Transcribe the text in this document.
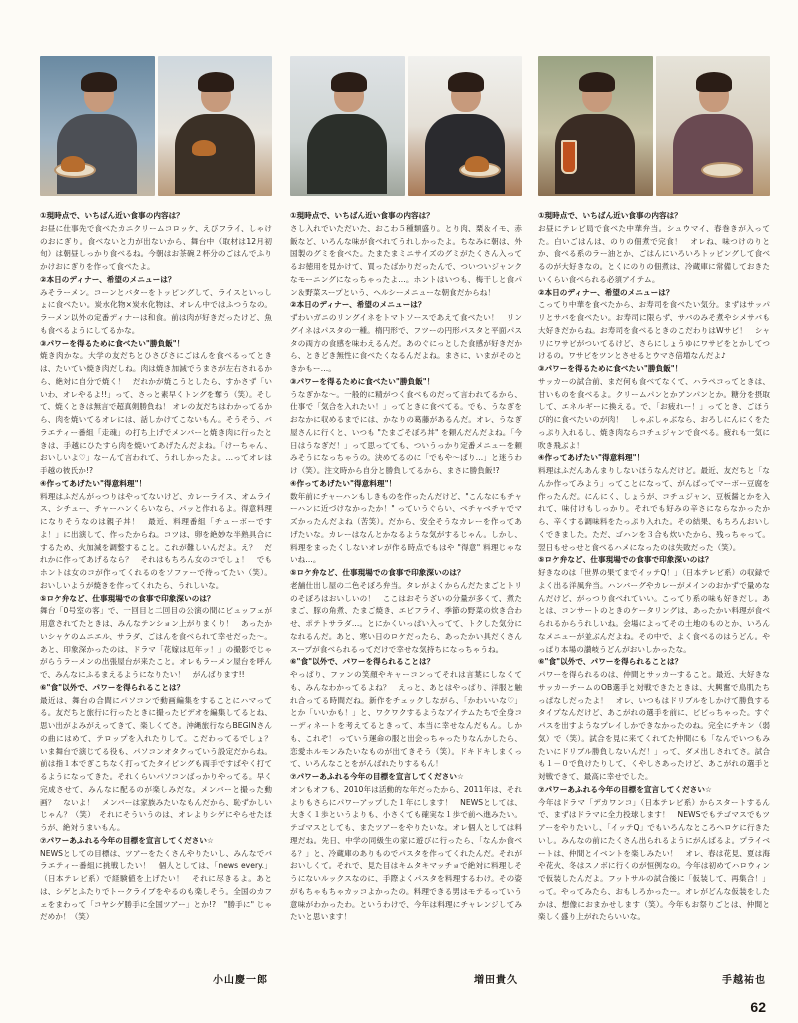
①現時点で、いちばん近い食事の内容は？
お昼に仕事先で食べたカニクリームコロッケ、えびフライ、しゃけのおにぎり。食べないと力が出ないから、舞台中（取材は12月初旬）は朝昼しっかり食べるね。今朝はお茶碗２杯分のごはんでふりかけおにぎりを作って食べたよ。
②本日のディナー、希望のメニューは？
みそラーメン。コーンとバターをトッピングして、ライスといっしょに食べたい。炭水化物×炭水化物は、オレん中ではふつうなの。ラーメン以外の定番ディナーは和食。前は肉が好きだったけど、魚も食べるようにしてるかな。
③パワーを得るために食べたい"勝負飯"！
焼き肉かな。大学の友だちとひさびさにごはんを食べるってときは、たいてい焼き肉だしね。肉は焼き加減でうまさが左右されるから、絶対に自分で焼く！　だれかが焼こうとしたら、すかさず「いいわ、オレやるよ!!」って、さっと素早くトングを奪う（笑）。そして、焼くときは無言で超真剣勝負ね！ オレの友だちはわかってるから、肉を焼いてるオレには、話しかけてこないもん。そうそう、バラエティー番組「走魂」の打ち上げでメンバーと焼き肉に行ったときは、手越にひたすら肉を焼いてあげたんだよね。「けーちゃん、おいしいよ♡」なーんて言われて、うれしかったよ。…ってオレは手越の彼氏か!?
④作ってあげたい"得意料理"！
料理はふだんがっつりはやってないけど、カレーライス、オムライス、シチュー、チャーハンくらいなら、パッと作れるよ。得意料理になりそうなのは親子丼！　最近、料理番組「チューボーですよ！」に出演して、作ったからね。コツは、卵を絶妙な半熟具合にするため、火加減を調整すること。これが難しいんだよ。え？　だれかに作ってあげるなら？　それはもちろん女のコでしょ！　でもホントは女のコが作ってくれるのをソファーで待ってたい（笑）。おいしいようが焼きを作ってくれたら、うれしいな。
⑤ロケ弁など、仕事現場での食事で印象深いのは？
舞台「0号室の客」で、一回目と二回目の公演の間にビュッフェが用意されてたときは、みんなテンション上がりまくり！　あったかいシャケのムニエル、サラダ、ごはんを食べられて幸せだった～。あと、印象深かったのは、ドラマ「花嫁は厄年ッ！」の撮影でじゃがらうラーメンの出張屋台が来たこと。オレもラーメン屋台を呼んで、みんなにふるまえるようになりたい！　がんばります!!
⑥"食"以外で、パワーを得られることは？
最近は、舞台の合間にパソコンで動画編集をすることにハマってる。友だちと旅行に行ったときに撮ったビデオを編集してるとね、思い出がよみがえってきて、楽しくてさ。沖縄旅行ならBEGINさんの曲にはめて、テロップを入れたりして。こだわってるでしょ？　いま舞台で演じてる役も、パソコンオタクっていう設定だからね。前は指１本でぎこちなく打ってたタイピングも両手ですばやく打てるようになってきた。それくらいパソコンばっかりやってる。早く完成させて、みんなに配るのが楽しみだな。メンバーと撮った動画？　ないよ！　メンバーは家族みたいなもんだから、恥ずかしいじゃん？（笑）　それにそういうのは、オレよりシゲにやらせたほうが、絶対うまいもん。
⑦パワーあふれる今年の目標を宣言してください☆
NEWSとしての目標は、ツアーをたくさんやりたいし、みんなでバラエティー番組に挑戦したい！　個人としては、「news every.」（日本テレビ系）で経験値を上げたい！　それに尽きるよ。あとは、シゲとふたりでトークライブをやるのも楽しそう。全国のカフェをまわって「コヤシゲ勝手に全国ツアー」とか!?　"勝手に" じゃだめか！（笑）
小山慶一郎
①現時点で、いちばん近い食事の内容は？
さし入れでいただいた、おこわ５種類盛り。とり肉、栗＆イモ、赤飯など、いろんな味が食べれてうれしかったよ。ちなみに朝は、外国製のグミを食べた。たまたまミニサイズのグミがたくさん入ってるお徳用を見かけて、買ったばかりだったんで、ついついジャンクなモーニングになっちゃったよ…。ホントはいつも、梅干しと食パン＆野菜スープという、ヘルシーメニューな朝食だからね！
②本日のディナー、希望のメニューは？
ずわいガニのリングイネをトマトソースであえて食べたい！　リングイネはパスタの一種。楕円形で、フツーの円形パスタと平面パスタの両方の食感を味わえるんだ。あのぐにっとした食感が好きだから、ときどき無性に食べたくなるんだよね。まさに、いまがそのときかもー…。
③パワーを得るために食べたい"勝負飯"！
うなぎかな～。一般的に精がつく食べものだって言われてるから、仕事で「気合を入れたい！」ってときに食べてる。でも、うなぎをおなかに収めるまでには、かなりの葛藤があるんだ。オレ、うなぎ屋さんに行くと、いつも "たまごそぼろ丼" を頼んだんだよね。「今日はうなぎだ！」って思ってても、ついうっかり定番メニューを頼みそうになっちゃうの。決めてるのに「でもや～ばり…」と迷うわけ（笑）。注文時から自分と勝負してるから、まさに勝負飯!?
④作ってあげたい"得意料理"！
数年前にチャーハンもしきものを作ったんだけど、"こんなにもチャーハンに近づけなかったか！" っていうぐらい、ベチャベチャでマズかったんだよね（苦笑）。だから、安全そうなカレーを作ってあげたいな。カレーはなんとかなるような気がするじゃん。しかし、料理をまったくしないオレが作る時点でもはや "得意" 料理じゃないね…。
⑤ロケ弁など、仕事現場での食事で印象深いのは？
老舗仕出し屋の二色そぼろ弁当。タレがよくからんだたまごとトリのそぼろはおいしいの！　ここはおそうざいの分量が多くて、煮たまご、豚の角煮、たまご焼き、エビフライ、季節の野菜の炊き合わせ、ポテトサラダ…。とにかくいっぱい入ってて、トクした気分になれるんだ。あと、寒い日のロケだったら、あったかい具だくさんスープが食べられるってだけで幸せな気持ちになっちゃうね。
⑥"食"以外で、パワーを得られることは？
やっぱり、ファンの笑顔やキャーコンってそれは言葉にしなくても、みんなわかってるよね？　えっと、あとはやっぱり、洋服と触れ合ってる時間だね。新作をチェックしながら、「かわいいな♡」とか「いいかも！」と、ワクワクするようなアイテムたちで全身コーディネートを考えてるときって、本当に幸せなんだもん。しかも、これぞ！ っていう運命の服と出会っちゃったりなんかしたら、恋愛ホルモンみたいなものが出てきそう（笑）。ドキドキしまくって、いろんなことをがんばれたりするもん！
⑦パワーあふれる今年の目標を宣言してください☆
オンもオフも、2010年は活動的な年だったから、2011年は、それよりもさらにパワーアップした１年にします！　NEWSとしては、大きく１歩というよりも、小さくても確実な１歩で前へ進みたい。テゴマスとしても、またツアーをやりたいな。オレ個人としては料理だね。先日、中学の同級生の家に遊びに行ったら、「なんか食べる？」と、冷蔵庫のありものでパスタを作ってくれたんだ。それがおいしくて。それで、見た目はキムタキマッチョで絶対に料理しそうにないルックスなのに、手際よくパスタを料理するわけ。その姿がもちゃもちゃカッコよかったの。料理できる男はモテるっていう意味がわかったわ。というわけで、今年は料理にチャレンジしてみたいと思います！
増田貴久
①現時点で、いちばん近い食事の内容は？
お昼にテレビ局で食べた中華弁当。シュウマイ、春巻きが入ってた。白いごはんは、のりの佃煮で完食！　オレね、味つけのりとか、食べる系のラー油とか、ごはんにいろいろトッピングして食べるのが大好きなの。とくにのりの佃煮は、冷蔵庫に常備しておきたいくらい食べられる必須アイテム。
②本日のディナー、希望のメニューは？
こってり中華を食べたから、お寿司を食べたい気分。まずはサッパリとサバを食べたい。お寿司に限らず、サバのみそ煮やシメサバも大好きだからね。お寿司を食べるときのこだわりはWサビ！　シャリにワサビがついてるけど、さらにしょうゆにワサビをとかしてつけるの。ワサビをツンとさせるとウマさ倍増なんだよ♪
③パワーを得るために食べたい"勝負飯"！
サッカーの試合前、まだ何も食べてなくて、ハラペコってときは、甘いものを食べるよ。クリームパンとかアンパンとか。糖分を摂取して、エネルギーに換える。で、「お疲れー！」ってとき、ごほうび的に食べたいのが肉！　しゃぶしゃぶなら、おろしにんにくをたっぷり入れるし、焼き肉ならコチュジャンで食べる。疲れも一気に吹き飛ぶよ！
④作ってあげたい"得意料理"！
料理はふだんあんまりしないほうなんだけど。最近、友だちと「なんか作ってみよう」ってことになって、がんばってマーボー豆腐を作ったんだ。にんにく、しょうが、コチュジャン、豆板醤とかを入れて、味付けもしっかり。それでも好みの辛さにならなかったから、辛くする調味料をたっぷり入れた。その結果、もちろんおいしくできました。ただ、ゴハンを３合も炊いたから、残っちゃって。翌日もせっせと食べるハメになったのは失敗だった（笑）。
⑤ロケ弁など、仕事現場での食事で印象深いのは？
好きなのは「世界の果てまでイッテQ！」（日本テレビ系）の収録でよく出る洋風弁当。ハンバーグやカレーがメインのおかずで量めなんだけど、がっつり食べれていい。こってり系の味も好きだし。あとは、コンサートのときのケータリングは、あったかい料理が食べられるからうれしいね。会場によってその土地のものとか、いろんなメニューが並ぶんだよね。その中で、よく食べるのはうどん。やっぱり本場の讃岐うどんがおいしかったな。
⑥"食"以外で、パワーを得られることは？
パワーを得られるのは、仲間とサッカーすること。最近、大好きなサッカーチームのOB選手と対戦できたときは、大興奮で鳥肌たちっぱなしだったよ！　オレ、いつもはドリブルをしかけて勝負するタイプなんだけど、あこがれの選手を前に、ビビっちゃった。すぐパスを出すようなプレイしかできなかったのね。完全にチキン（弱気）で（笑）。試合を見に来てくれてた仲間にも「なんでいつもみたいにドリブル勝負しないんだ！」って、ダメ出しされてさ。試合も１－０で負けたりして、くやしさあったけど、あこがれの選手と対戦できて、最高に幸せでした。
⑦パワーあふれる今年の目標を宣言してください☆
今年はドラマ「デカワンコ」（日本テレビ系）からスタートするんで、まずはドラマに全力投球します！　NEWSでもテゴマスでもツアーをやりたいし、「イッテQ」でもいろんなところへロケに行きたいし。みんなの前にたくさん出られるようにがんばるよ。プライベートは、仲間とイベントを楽しみたい！　オレ、春は花見、夏は海や花火、冬はスノボに行くのが恒例なの。今年は初めてハロウィンで仮装したんだよ。フットサルの試合後に「仮装して、再集合！」って。やってみたら、おもしろかったー。オレがどんな仮装をしたかは、想像におまかせします（笑）。今年もお祭りごとは、仲間と楽しく盛り上がれたらいいな。
手越祐也
62
